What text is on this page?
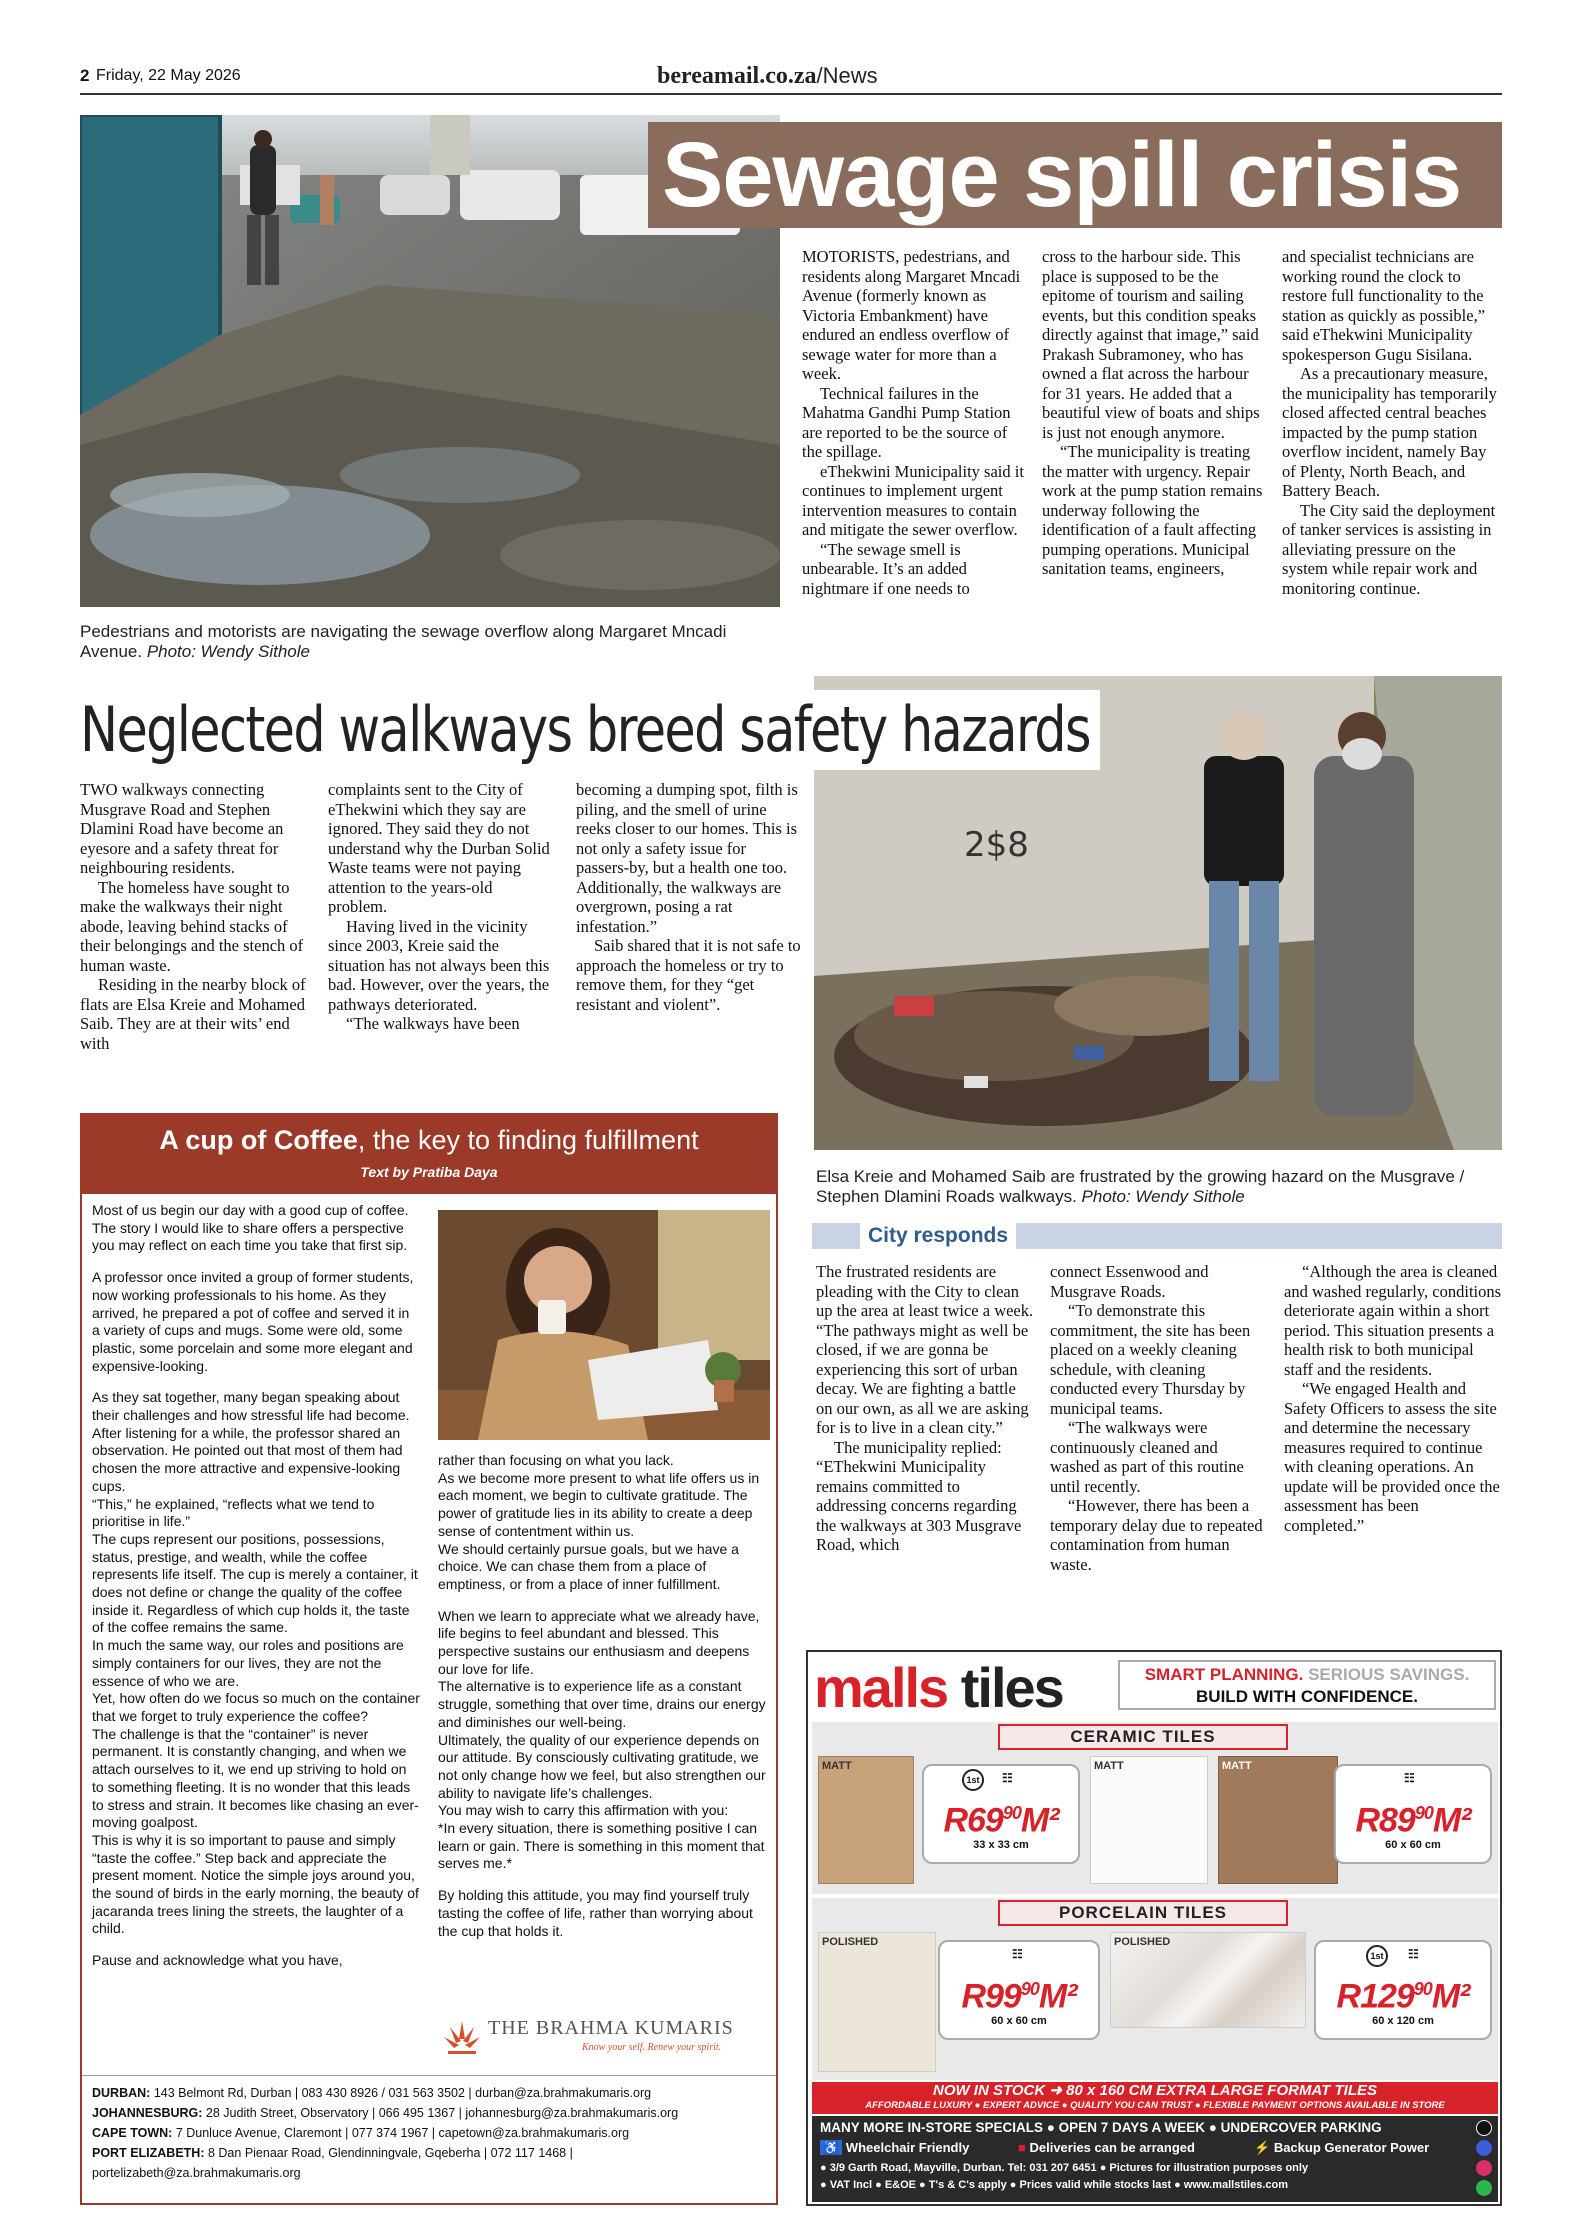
2 Friday, 22 May 2026	bereamail.co.za/News
Sewage spill crisis
Pedestrians and motorists are navigating the sewage overflow along Margaret Mncadi Avenue. Photo: Wendy Sithole

MOTORISTS, pedestrians, and residents along Margaret Mncadi Avenue (formerly known as Victoria Embankment) have endured an endless overflow of sewage water for more than a week.

Technical failures in the Mahatma Gandhi Pump Station are reported to be the source of the spillage.

eThekwini Municipality said it continues to implement urgent intervention measures to contain and mitigate the sewer overflow.

“The sewage smell is unbearable. It’s an added nightmare if one needs to

cross to the harbour side. This place is supposed to be the epitome of tourism and sailing events, but this condition speaks directly against that image,” said Prakash Subramoney, who has owned a flat across the harbour for 31 years. He added that a beautiful view of boats and ships is just not enough anymore.

“The municipality is treating the matter with urgency. Repair work at the pump station remains underway following the identification of a fault affecting pumping operations. Municipal sanitation teams, engineers,

and specialist technicians are working round the clock to restore full functionality to the station as quickly as possible,” said eThekwini Municipality spokesperson Gugu Sisilana.

As a precautionary measure, the municipality has temporarily closed affected central beaches impacted by the pump station overflow incident, namely Bay of Plenty, North Beach, and Battery Beach.

The City said the deployment of tanker services is assisting in alleviating pressure on the system while repair work and monitoring continue.

2$8
Neglected walkways breed safety hazards

TWO walkways connecting Musgrave Road and Stephen Dlamini Road have become an eyesore and a safety threat for neighbouring residents.

The homeless have sought to make the walkways their night abode, leaving behind stacks of their belongings and the stench of human waste.

Residing in the nearby block of flats are Elsa Kreie and Mohamed Saib. They are at their wits’ end with

complaints sent to the City of eThekwini which they say are ignored. They said they do not understand why the Durban Solid Waste teams were not paying attention to the years-old problem.

Having lived in the vicinity since 2003, Kreie said the situation has not always been this bad. However, over the years, the pathways deteriorated.

“The walkways have been

becoming a dumping spot, filth is piling, and the smell of urine reeks closer to our homes. This is not only a safety issue for passers-by, but a health one too. Additionally, the walkways are overgrown, posing a rat infestation.”

Saib shared that it is not safe to approach the homeless or try to remove them, for they “get resistant and violent”.

Elsa Kreie and Mohamed Saib are frustrated by the growing hazard on the Musgrave / Stephen Dlamini Roads walkways. Photo: Wendy Sithole
City responds

The frustrated residents are pleading with the City to clean up the area at least twice a week. “The pathways might as well be closed, if we are gonna be experiencing this sort of urban decay. We are fighting a battle on our own, as all we are asking for is to live in a clean city.”

The municipality replied: “EThekwini Municipality remains committed to addressing concerns regarding the walkways at 303 Musgrave Road, which

connect Essenwood and Musgrave Roads.

“To demonstrate this commitment, the site has been placed on a weekly cleaning schedule, with cleaning conducted every Thursday by municipal teams.

“The walkways were continuously cleaned and washed as part of this routine until recently.

“However, there has been a temporary delay due to repeated contamination from human waste.

“Although the area is cleaned and washed regularly, conditions deteriorate again within a short period. This situation presents a health risk to both municipal staff and the residents.

“We engaged Health and Safety Officers to assess the site and determine the necessary measures required to continue with cleaning operations. An update will be provided once the assessment has been completed.”

A cup of Coffee, the key to finding fulfillment
Text by Pratiba Daya

Most of us begin our day with a good cup of coffee. The story I would like to share offers a perspective you may reflect on each time you take that first sip.

A professor once invited a group of former students, now working professionals to his home. As they arrived, he prepared a pot of coffee and served it in a variety of cups and mugs. Some were old, some plastic, some porcelain and some more elegant and expensive-looking.

As they sat together, many began speaking about their challenges and how stressful life had become. After listening for a while, the professor shared an observation. He pointed out that most of them had chosen the more attractive and expensive-looking cups.

“This,” he explained, “reflects what we tend to prioritise in life.”

The cups represent our positions, possessions, status, prestige, and wealth, while the coffee represents life itself. The cup is merely a container, it does not define or change the quality of the coffee inside it. Regardless of which cup holds it, the taste of the coffee remains the same.

In much the same way, our roles and positions are simply containers for our lives, they are not the essence of who we are.

Yet, how often do we focus so much on the container that we forget to truly experience the coffee?

The challenge is that the “container” is never permanent. It is constantly changing, and when we attach ourselves to it, we end up striving to hold on to something fleeting. It is no wonder that this leads to stress and strain. It becomes like chasing an ever-moving goalpost.

This is why it is so important to pause and simply “taste the coffee.” Step back and appreciate the present moment. Notice the simple joys around you, the sound of birds in the early morning, the beauty of jacaranda trees lining the streets, the laughter of a child.

Pause and acknowledge what you have,

rather than focusing on what you lack.

As we become more present to what life offers us in each moment, we begin to cultivate gratitude. The power of gratitude lies in its ability to create a deep sense of contentment within us.

We should certainly pursue goals, but we have a choice. We can chase them from a place of emptiness, or from a place of inner fulfillment.

When we learn to appreciate what we already have, life begins to feel abundant and blessed. This perspective sustains our enthusiasm and deepens our love for life.

The alternative is to experience life as a constant struggle, something that over time, drains our energy and diminishes our well-being.

Ultimately, the quality of our experience depends on our attitude. By consciously cultivating gratitude, we not only change how we feel, but also strengthen our ability to navigate life’s challenges.

You may wish to carry this affirmation with you:

*In every situation, there is something positive I can learn or gain. There is something in this moment that serves me.*

By holding this attitude, you may find yourself truly tasting the coffee of life, rather than worrying about the cup that holds it.

THE BRAHMA KUMARIS
Know your self. Renew your spirit.
DURBAN: 143 Belmont Rd, Durban | 083 430 8926 / 031 563 3502 | durban@za.brahmakumaris.org
JOHANNESBURG: 28 Judith Street, Observatory | 066 495 1367 | johannesburg@za.brahmakumaris.org
CAPE TOWN: 7 Dunluce Avenue, Claremont | 077 374 1967 | capetown@za.brahmakumaris.org
PORT ELIZABETH: 8 Dan Pienaar Road, Glendinningvale, Gqeberha | 072 117 1468 | portelizabeth@za.brahmakumaris.org
malls tiles	SMART PLANNING. SERIOUS SAVINGS.
BUILD WITH CONFIDENCE.
CERAMIC TILES
MATT
1st	☷
$R69^{90}M^2$
33 x 33 cm
MATT	MATT
☷
$R89^{90}M^2$
60 x 60 cm
PORCELAIN TILES
POLISHED
☷
$R99^{90}M^2$
60 x 60 cm
POLISHED
1st	☷
$R129^{90}M^2$
60 x 120 cm
NOW IN STOCK ➜ 80 x 160 CM EXTRA LARGE FORMAT TILES
AFFORDABLE LUXURY ● EXPERT ADVICE ● QUALITY YOU CAN TRUST ● FLEXIBLE PAYMENT OPTIONS AVAILABLE IN STORE
MANY MORE IN-STORE SPECIALS ● OPEN 7 DAYS A WEEK ● UNDERCOVER PARKING
♿ Wheelchair Friendly	■ Deliveries can be arranged	⚡ Backup Generator Power
● 3/9 Garth Road, Mayville, Durban. Tel: 031 207 6451 ● Pictures for illustration purposes only
● VAT Incl ● E&OE ● T's & C's apply ● Prices valid while stocks last ● www.mallstiles.com
